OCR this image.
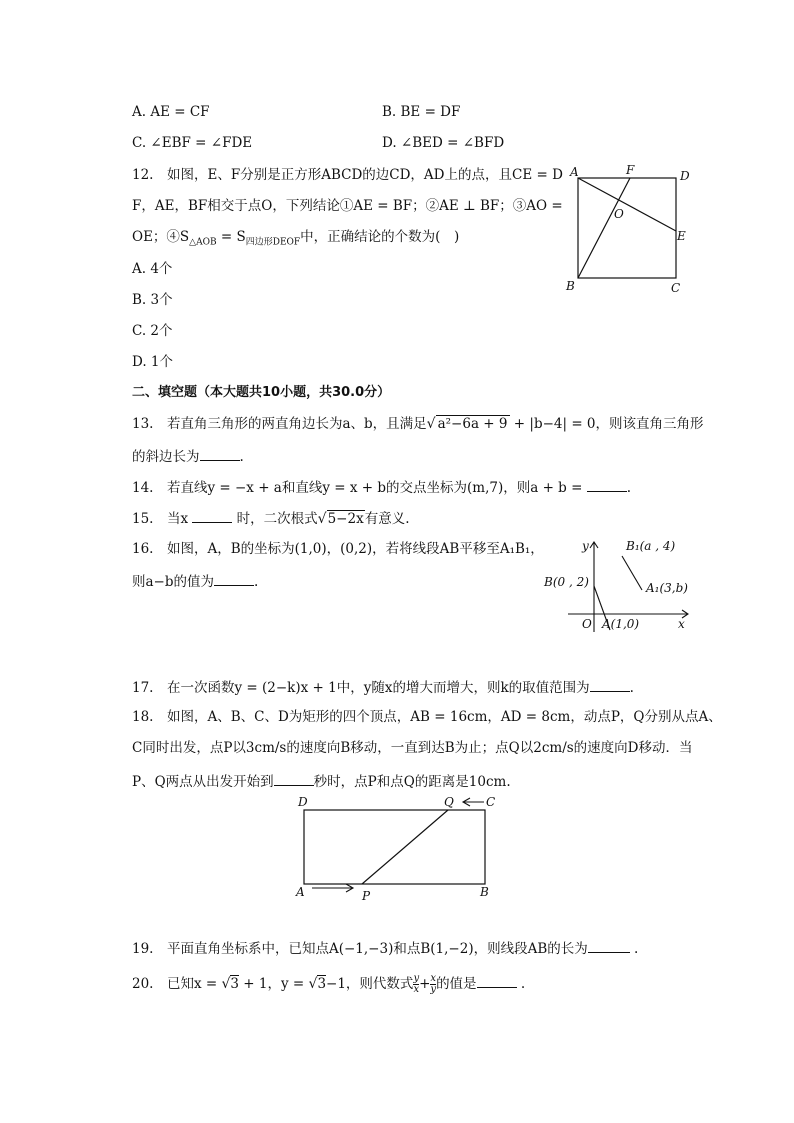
A. AE = CF	B. BE = DF
C. ∠EBF = ∠FDE	D. ∠BED = ∠BFD
12.　如图，E、F分别是正方形ABCD的边CD，AD上的点，且CE = D
F，AE，BF相交于点O，下列结论①AE = BF；②AE ⊥ BF；③AO =
OE；$④S_{\triangle AOB} = S_{四边形DEOF}$中，正确结论的个数为(　)
A. 4个
B. 3个
C. 2个
D. 1个
A	F	D
O
E
B	C
二、填空题（本大题共10小题，共30.0分）
13.　若直角三角形的两直角边长为a、b，且满足√ a²−6a + 9 + |b−4| = 0，则该直角三角形
的斜边长为	.
14.　若直线y = −x + a和直线y = x + b的交点坐标为(m,7)，则a + b =	.
15.　当x	时，二次根式√5−2x有意义.
16.　如图，A，B的坐标为(1,0)，(0,2)，若将线段AB平移至A₁B₁，
则a−b的值为	.
y
x
O
B₁(a , 4)
A₁(3,b)
B(0 , 2)
A(1,0)
17.　在一次函数y = (2−k)x + 1中，y随x的增大而增大，则k的取值范围为	.
18.　如图，A、B、C、D为矩形的四个顶点，AB = 16cm，AD = 8cm，动点P，Q分别从点A、
C同时出发，点P以3cm/s的速度向B移动，一直到达B为止；点Q以2cm/s的速度向D移动．当
P、Q两点从出发开始到	秒时，点P和点Q的距离是10cm.
D	Q	C
A	P	B
19.　平面直角坐标系中，已知点A(−1,−3)和点B(1,−2)，则线段AB的长为	.
20.　已知x = √3 + 1，y = √3−1，则代数式 $\frac{y}{x} + \frac{x}{y}$ 的值是	.
